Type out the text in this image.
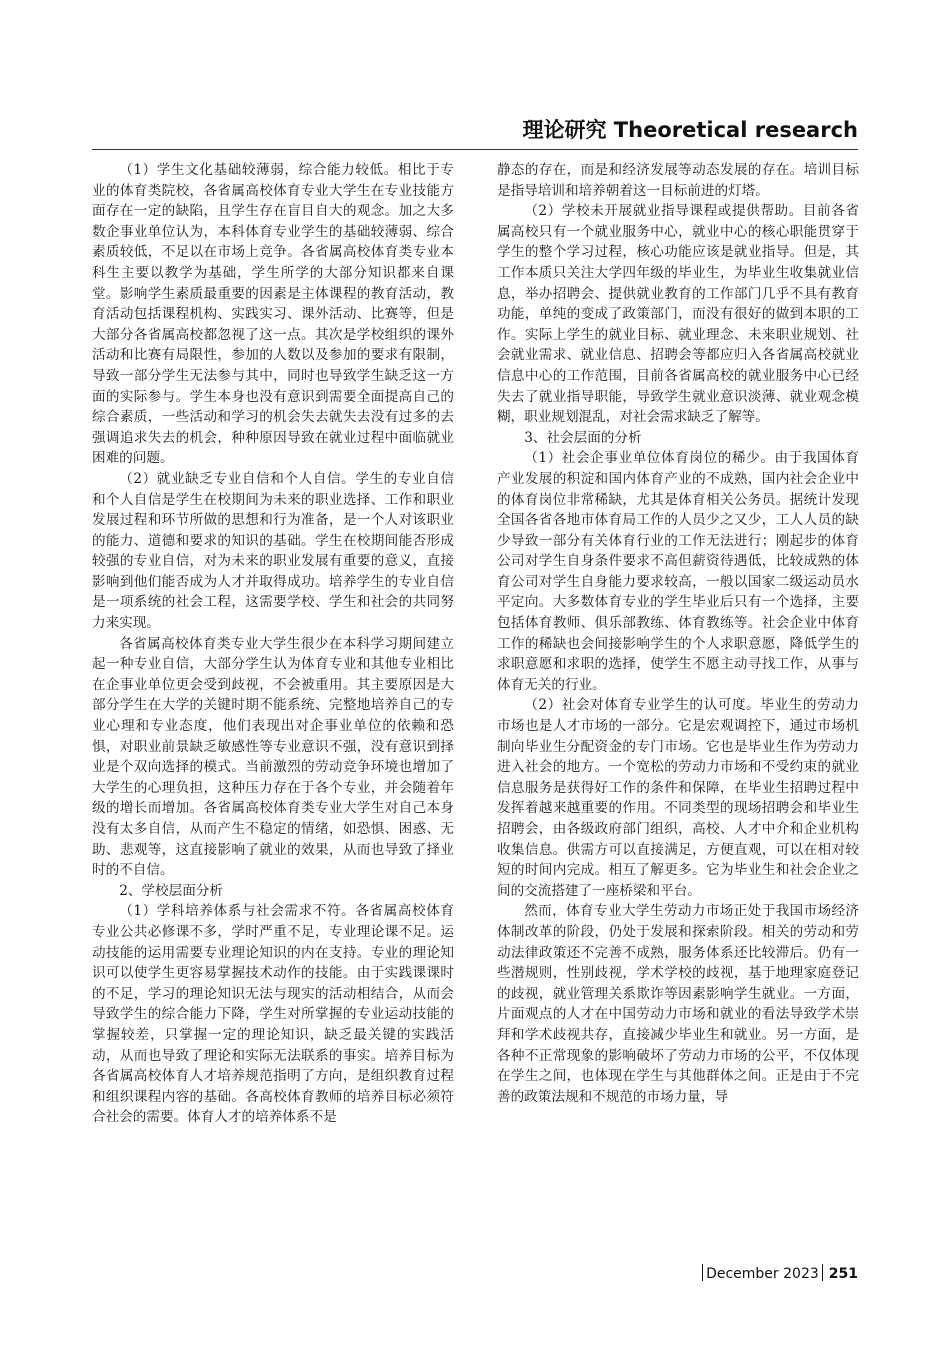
理论研究 Theoretical research

（1）学生文化基础较薄弱，综合能力较低。相比于专业的体育类院校，各省属高校体育专业大学生在专业技能方面存在一定的缺陷，且学生存在盲目自大的观念。加之大多数企事业单位认为，本科体育专业学生的基础较薄弱、综合素质较低，不足以在市场上竞争。各省属高校体育类专业本科生主要以教学为基础，学生所学的大部分知识都来自课堂。影响学生素质最重要的因素是主体课程的教育活动，教育活动包括课程机构、实践实习、课外活动、比赛等，但是大部分各省属高校都忽视了这一点。其次是学校组织的课外活动和比赛有局限性，参加的人数以及参加的要求有限制，导致一部分学生无法参与其中，同时也导致学生缺乏这一方面的实际参与。学生本身也没有意识到需要全面提高自己的综合素质，一些活动和学习的机会失去就失去没有过多的去强调追求失去的机会，种种原因导致在就业过程中面临就业困难的问题。

（2）就业缺乏专业自信和个人自信。学生的专业自信和个人自信是学生在校期间为未来的职业选择、工作和职业发展过程和环节所做的思想和行为准备，是一个人对该职业的能力、道德和要求的知识的基础。学生在校期间能否形成较强的专业自信，对为未来的职业发展有重要的意义，直接影响到他们能否成为人才并取得成功。培养学生的专业自信是一项系统的社会工程，这需要学校、学生和社会的共同努力来实现。

各省属高校体育类专业大学生很少在本科学习期间建立起一种专业自信，大部分学生认为体育专业和其他专业相比在企事业单位更会受到歧视，不会被重用。其主要原因是大部分学生在大学的关键时期不能系统、完整地培养自己的专业心理和专业态度，他们表现出对企事业单位的依赖和恐惧，对职业前景缺乏敏感性等专业意识不强，没有意识到择业是个双向选择的模式。当前激烈的劳动竞争环境也增加了大学生的心理负担，这种压力存在于各个专业，并会随着年级的增长而增加。各省属高校体育类专业大学生对自己本身没有太多自信，从而产生不稳定的情绪，如恐惧、困惑、无助、悲观等，这直接影响了就业的效果，从而也导致了择业时的不自信。

2、学校层面分析

（1）学科培养体系与社会需求不符。各省属高校体育专业公共必修课不多，学时严重不足，专业理论课不足。运动技能的运用需要专业理论知识的内在支持。专业的理论知识可以使学生更容易掌握技术动作的技能。由于实践课课时的不足，学习的理论知识无法与现实的活动相结合，从而会导致学生的综合能力下降，学生对所掌握的专业运动技能的掌握较差，只掌握一定的理论知识，缺乏最关键的实践活动，从而也导致了理论和实际无法联系的事实。培养目标为各省属高校体育人才培养规范指明了方向，是组织教育过程和组织课程内容的基础。各高校体育教师的培养目标必须符合社会的需要。体育人才的培养体系不是

静态的存在，而是和经济发展等动态发展的存在。培训目标是指导培训和培养朝着这一目标前进的灯塔。

（2）学校未开展就业指导课程或提供帮助。目前各省属高校只有一个就业服务中心，就业中心的核心职能贯穿于学生的整个学习过程，核心功能应该是就业指导。但是，其工作本质只关注大学四年级的毕业生，为毕业生收集就业信息，举办招聘会、提供就业教育的工作部门几乎不具有教育功能，单纯的变成了政策部门，而没有很好的做到本职的工作。实际上学生的就业目标、就业理念、未来职业规划、社会就业需求、就业信息、招聘会等都应归入各省属高校就业信息中心的工作范围，目前各省属高校的就业服务中心已经失去了就业指导职能，导致学生就业意识淡薄、就业观念模糊，职业规划混乱，对社会需求缺乏了解等。

3、社会层面的分析

（1）社会企事业单位体育岗位的稀少。由于我国体育产业发展的积淀和国内体育产业的不成熟，国内社会企业中的体育岗位非常稀缺，尤其是体育相关公务员。据统计发现全国各省各地市体育局工作的人员少之又少，工人人员的缺少导致一部分有关体育行业的工作无法进行；刚起步的体育公司对学生自身条件要求不高但薪资待遇低，比较成熟的体育公司对学生自身能力要求较高，一般以国家二级运动员水平定向。大多数体育专业的学生毕业后只有一个选择，主要包括体育教师、俱乐部教练、体育教练等。社会企业中体育工作的稀缺也会间接影响学生的个人求职意愿，降低学生的求职意愿和求职的选择，使学生不愿主动寻找工作，从事与体育无关的行业。

（2）社会对体育专业学生的认可度。毕业生的劳动力市场也是人才市场的一部分。它是宏观调控下，通过市场机制向毕业生分配资金的专门市场。它也是毕业生作为劳动力进入社会的地方。一个宽松的劳动力市场和不受约束的就业信息服务是获得好工作的条件和保障，在毕业生招聘过程中发挥着越来越重要的作用。不同类型的现场招聘会和毕业生招聘会，由各级政府部门组织，高校、人才中介和企业机构收集信息。供需方可以直接满足，方便直观，可以在相对较短的时间内完成。相互了解更多。它为毕业生和社会企业之间的交流搭建了一座桥梁和平台。

然而，体育专业大学生劳动力市场正处于我国市场经济体制改革的阶段，仍处于发展和探索阶段。相关的劳动和劳动法律政策还不完善不成熟，服务体系还比较滞后。仍有一些潜规则，性别歧视，学术学校的歧视，基于地理家庭登记的歧视，就业管理关系欺诈等因素影响学生就业。一方面，片面观点的人才在中国劳动力市场和就业的看法导致学术崇拜和学术歧视共存，直接减少毕业生和就业。另一方面，是各种不正常现象的影响破坏了劳动力市场的公平，不仅体现在学生之间，也体现在学生与其他群体之间。正是由于不完善的政策法规和不规范的市场力量，导

December 2023 251
